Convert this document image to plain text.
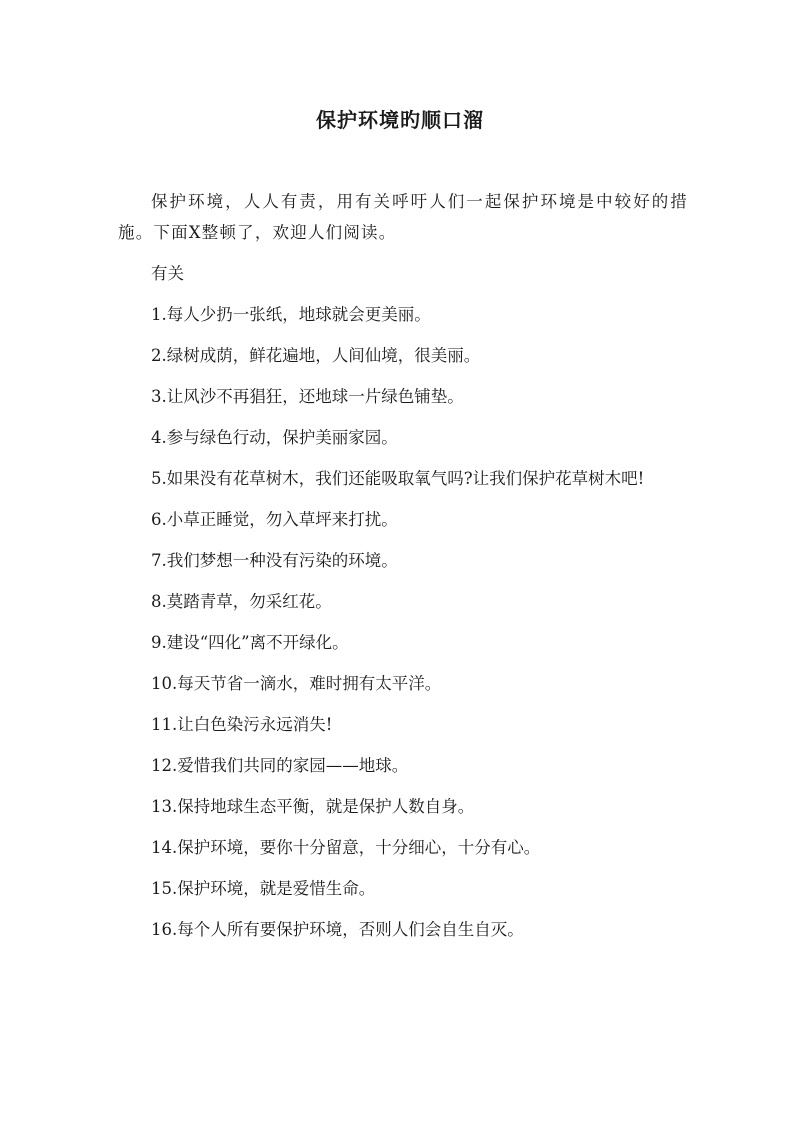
保护环境旳顺口溜

保护环境，人人有责，用有关呼吁人们一起保护环境是中较好的措施。下面X整顿了，欢迎人们阅读。

有关

1.每人少扔一张纸，地球就会更美丽。

2.绿树成荫，鲜花遍地，人间仙境，很美丽。

3.让风沙不再猖狂，还地球一片绿色铺垫。

4.参与绿色行动，保护美丽家园。

5.如果没有花草树木，我们还能吸取氧气吗?让我们保护花草树木吧!

6.小草正睡觉，勿入草坪来打扰。

7.我们梦想一种没有污染的环境。

8.莫踏青草，勿采红花。

9.建设“四化”离不开绿化。

10.每天节省一滴水，难时拥有太平洋。

11.让白色染污永远消失!

12.爱惜我们共同的家园——地球。

13.保持地球生态平衡，就是保护人数自身。

14.保护环境，要你十分留意，十分细心，十分有心。

15.保护环境，就是爱惜生命。

16.每个人所有要保护环境，否则人们会自生自灭。
